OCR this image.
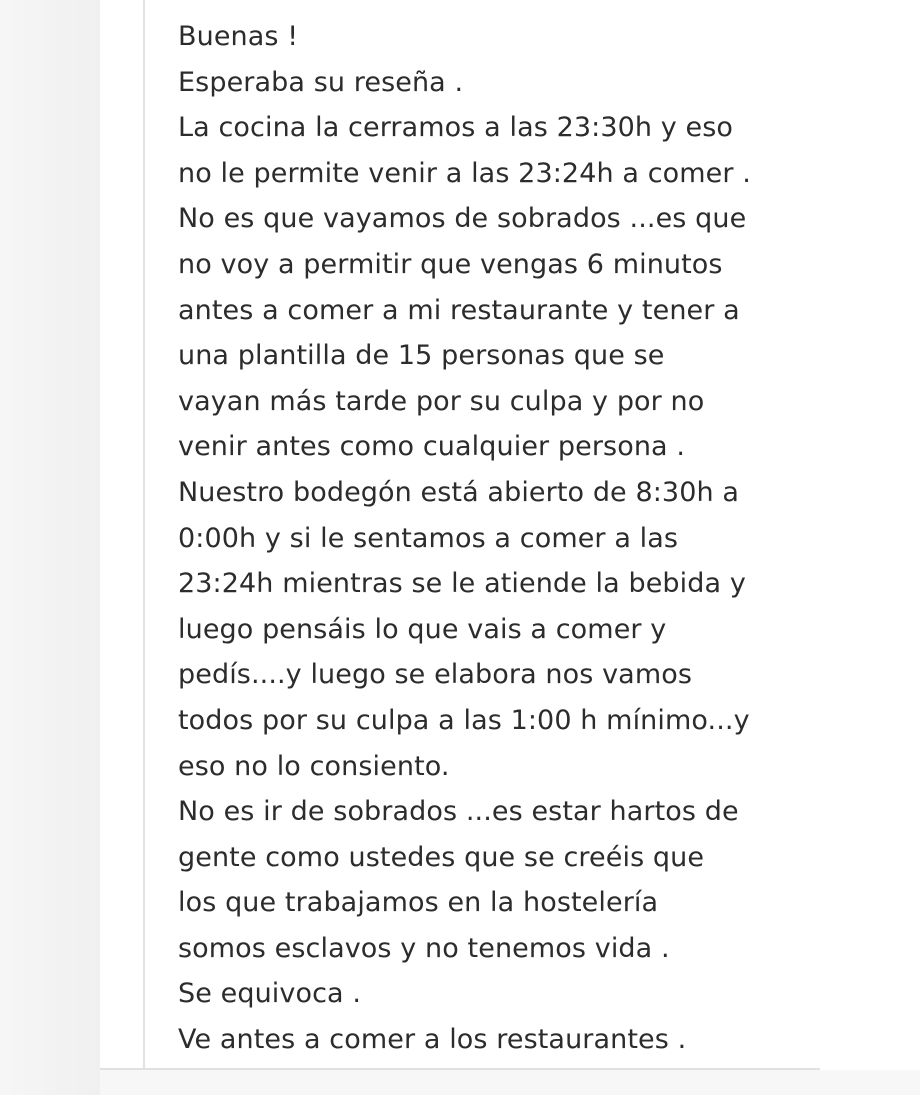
Buenas !
Esperaba su reseña .
La cocina la cerramos a las 23:30h y eso
no le permite venir a las 23:24h a comer .
No es que vayamos de sobrados ...es que
no voy a permitir que vengas 6 minutos
antes a comer a mi restaurante y tener a
una plantilla de 15 personas que se
vayan más tarde por su culpa y por no
venir antes como cualquier persona .
Nuestro bodegón está abierto de 8:30h a
0:00h y si le sentamos a comer a las
23:24h mientras se le atiende la bebida y
luego pensáis lo que vais a comer y
pedís....y luego se elabora nos vamos
todos por su culpa a las 1:00 h mínimo...y
eso no lo consiento.
No es ir de sobrados ...es estar hartos de
gente como ustedes que se creéis que
los que trabajamos en la hostelería
somos esclavos y no tenemos vida .
Se equivoca .
Ve antes a comer a los restaurantes .
